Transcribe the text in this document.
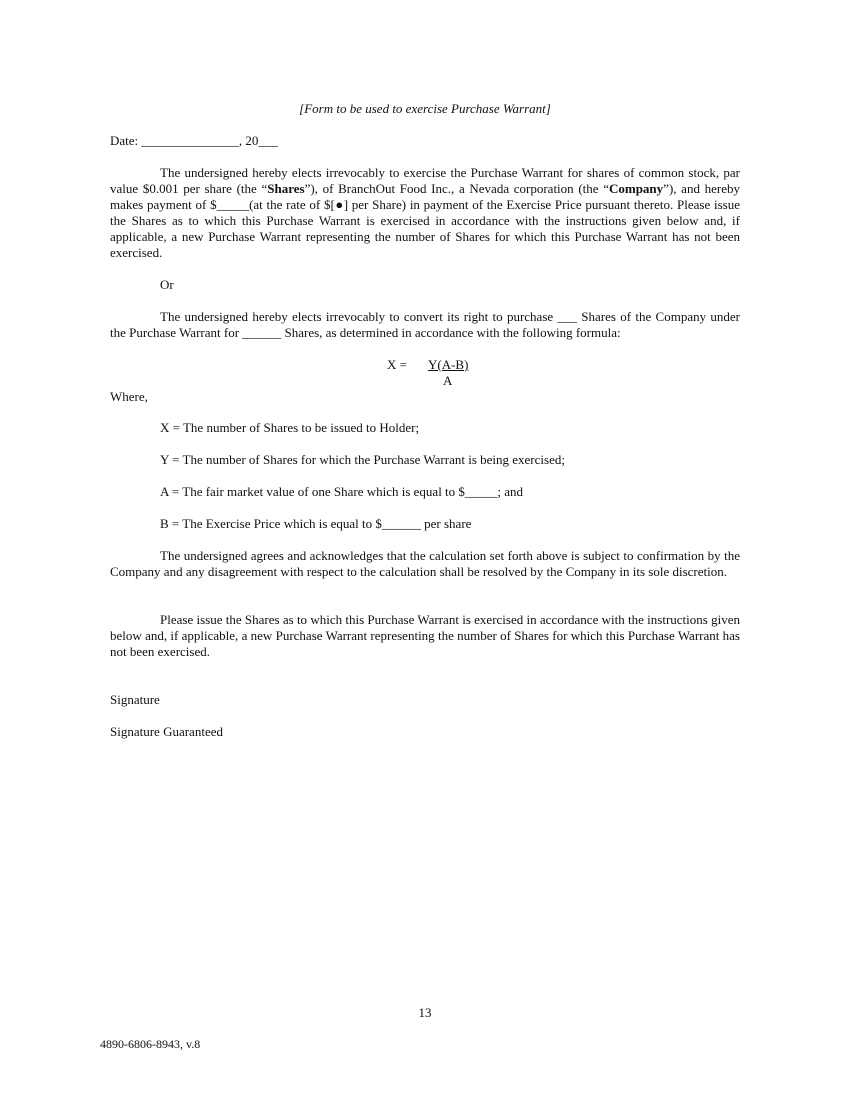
[Form to be used to exercise Purchase Warrant]
Date: _______________, 20___
The undersigned hereby elects irrevocably to exercise the Purchase Warrant for shares of common stock, par value $0.001 per share (the “Shares”), of BranchOut Food Inc., a Nevada corporation (the “Company”), and hereby makes payment of $_____(at the rate of $[●] per Share) in payment of the Exercise Price pursuant thereto. Please issue the Shares as to which this Purchase Warrant is exercised in accordance with the instructions given below and, if applicable, a new Purchase Warrant representing the number of Shares for which this Purchase Warrant has not been exercised.
Or
The undersigned hereby elects irrevocably to convert its right to purchase ___ Shares of the Company under the Purchase Warrant for ______ Shares, as determined in accordance with the following formula:
X = Y(A-B)
A
Where,
X = The number of Shares to be issued to Holder;
Y = The number of Shares for which the Purchase Warrant is being exercised;
A = The fair market value of one Share which is equal to $_____; and
B = The Exercise Price which is equal to $______ per share
The undersigned agrees and acknowledges that the calculation set forth above is subject to confirmation by the Company and any disagreement with respect to the calculation shall be resolved by the Company in its sole discretion.
Please issue the Shares as to which this Purchase Warrant is exercised in accordance with the instructions given below and, if applicable, a new Purchase Warrant representing the number of Shares for which this Purchase Warrant has not been exercised.
Signature
Signature Guaranteed
13
4890-6806-8943, v.8
